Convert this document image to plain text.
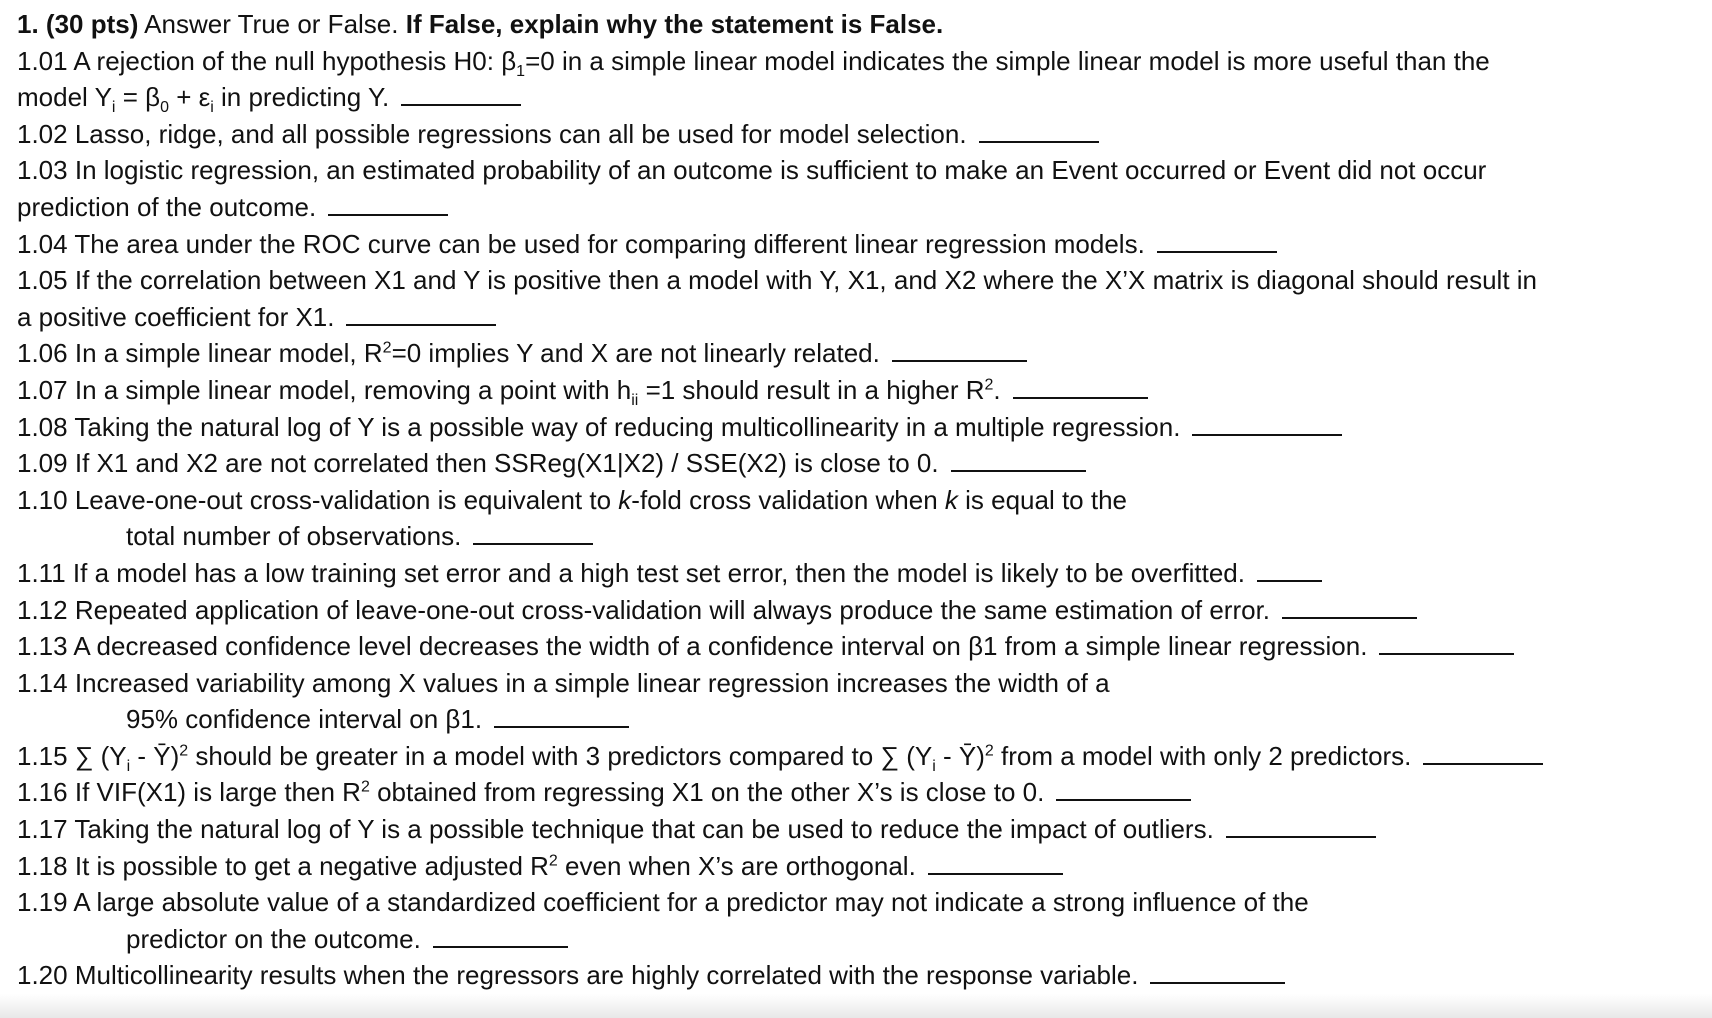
1. (30 pts) Answer True or False. If False, explain why the statement is False.
1.01 A rejection of the null hypothesis H0: $\beta_1=0$ in a simple linear model indicates the simple linear model is more useful than the
model $Y_i = \beta_0 + \varepsilon_i$ in predicting Y.
1.02 Lasso, ridge, and all possible regressions can all be used for model selection.
1.03 In logistic regression, an estimated probability of an outcome is sufficient to make an Event occurred or Event did not occur
prediction of the outcome.
1.04 The area under the ROC curve can be used for comparing different linear regression models.
1.05 If the correlation between X1 and Y is positive then a model with Y, X1, and X2 where the X’X matrix is diagonal should result in
a positive coefficient for X1.
1.06 In a simple linear model, $R^2=0$ implies Y and X are not linearly related.
1.07 In a simple linear model, removing a point with $h_{ii} =1$ should result in a higher $R^2$.
1.08 Taking the natural log of Y is a possible way of reducing multicollinearity in a multiple regression.
1.09 If X1 and X2 are not correlated then SSReg(X1|X2) / SSE(X2) is close to 0.
1.10 Leave-one-out cross-validation is equivalent to k-fold cross validation when k is equal to the
total number of observations.
1.11 If a model has a low training set error and a high test set error, then the model is likely to be overfitted.
1.12 Repeated application of leave-one-out cross-validation will always produce the same estimation of error.
1.13 A decreased confidence level decreases the width of a confidence interval on β1 from a simple linear regression.
1.14 Increased variability among X values in a simple linear regression increases the width of a
95% confidence interval on β1.
1.15 ∑ ($Y_i$ - Ȳ)$^2$ should be greater in a model with 3 predictors compared to ∑ ($Y_i$ - Ȳ)$^2$ from a model with only 2 predictors.
1.16 If VIF(X1) is large then $R^2$ obtained from regressing X1 on the other X’s is close to 0.
1.17 Taking the natural log of Y is a possible technique that can be used to reduce the impact of outliers.
1.18 It is possible to get a negative adjusted $R^2$ even when X’s are orthogonal.
1.19 A large absolute value of a standardized coefficient for a predictor may not indicate a strong influence of the
predictor on the outcome.
1.20 Multicollinearity results when the regressors are highly correlated with the response variable.
